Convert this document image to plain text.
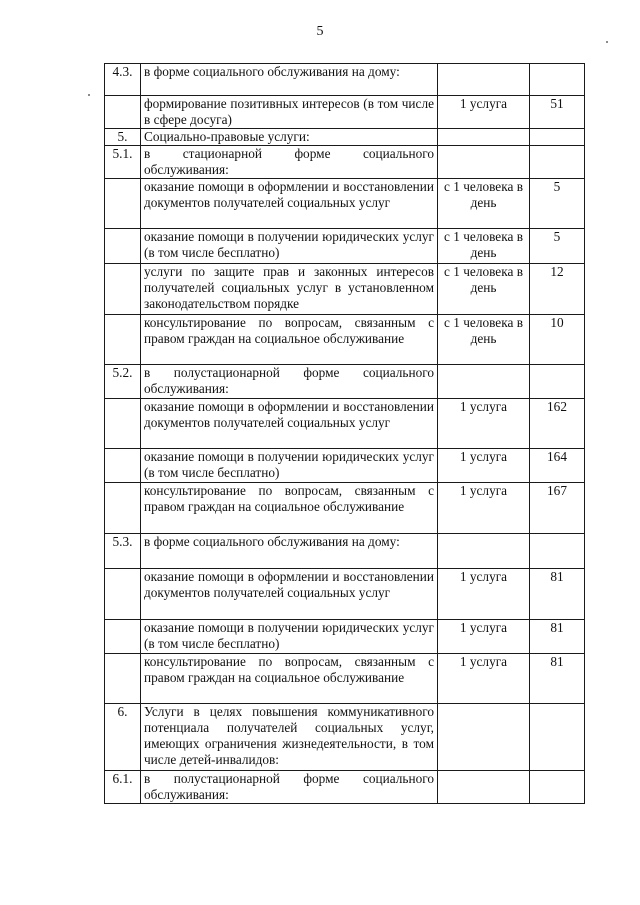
5
4.3.	в форме социального обслуживания на дому:		
	формирование позитивных интересов (в том числе в сфере досуга)	1 услуга	51
5.	Социально-правовые услуги:		
5.1.	в стационарной форме социального обслуживания:		
	оказание помощи в оформлении и восстановлении документов получателей социальных услуг	с 1 человека в день	5
	оказание помощи в получении юридических услуг (в том числе бесплатно)	с 1 человека в день	5
	услуги по защите прав и законных интересов получателей социальных услуг в установленном законодательством порядке	с 1 человека в день	12
	консультирование по вопросам, связанным с правом граждан на социальное обслуживание	с 1 человека в день	10
5.2.	в полустационарной форме социального обслуживания:		
	оказание помощи в оформлении и восстановлении документов получателей социальных услуг	1 услуга	162
	оказание помощи в получении юридических услуг (в том числе бесплатно)	1 услуга	164
	консультирование по вопросам, связанным с правом граждан на социальное обслуживание	1 услуга	167
5.3.	в форме социального обслуживания на дому:		
	оказание помощи в оформлении и восстановлении документов получателей социальных услуг	1 услуга	81
	оказание помощи в получении юридических услуг (в том числе бесплатно)	1 услуга	81
	консультирование по вопросам, связанным с правом граждан на социальное обслуживание	1 услуга	81
6.	Услуги в целях повышения коммуникативного потенциала получателей социальных услуг, имеющих ограничения жизнедеятельности, в том числе детей-инвалидов:		
6.1.	в полустационарной форме социального обслуживания:		
